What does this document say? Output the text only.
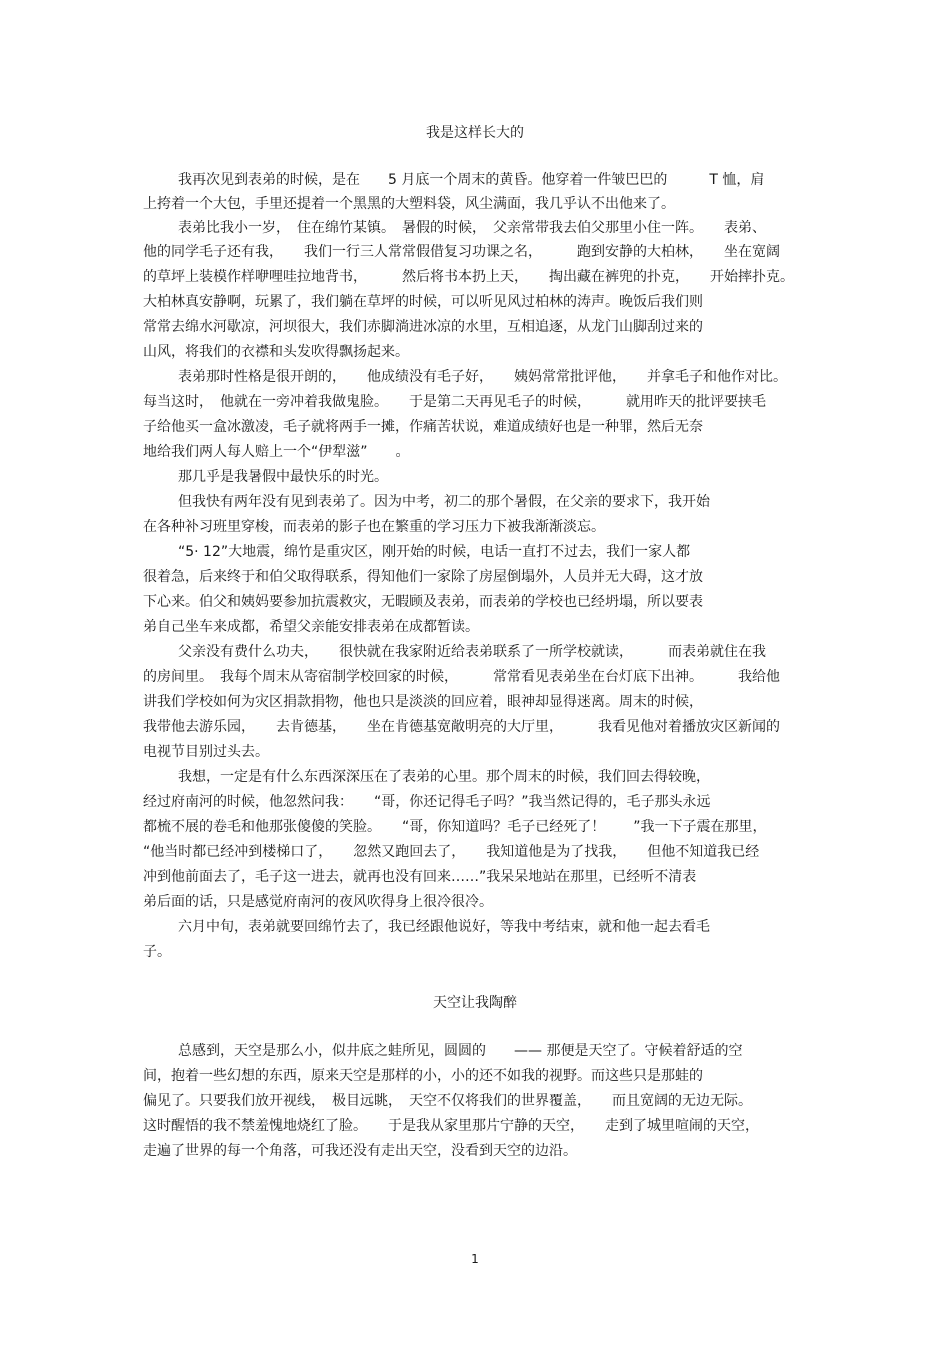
我是这样长大的
我再次见到表弟的时候，是在　　5 月底一个周末的黄昏。他穿着一件皱巴巴的　　　T 恤，肩
上挎着一个大包，手里还提着一个黑黑的大塑料袋，风尘满面，我几乎认不出他来了。
表弟比我小一岁，　住在绵竹某镇。　暑假的时候，　父亲常带我去伯父那里小住一阵。　　表弟、
他的同学毛子还有我，　　我们一行三人常常假借复习功课之名，　　　跑到安静的大柏林，　　坐在宽阔
的草坪上装模作样咿哩哇拉地背书，　　　然后将书本扔上天，　　掏出藏在裤兜的扑克，　　开始摔扑克。
大柏林真安静啊，玩累了，我们躺在草坪的时候，可以听见风过柏林的涛声。晚饭后我们则
常常去绵水河歇凉，河坝很大，我们赤脚淌进冰凉的水里，互相追逐，从龙门山脚刮过来的
山风，将我们的衣襟和头发吹得飘扬起来。
表弟那时性格是很开朗的，　　他成绩没有毛子好，　　姨妈常常批评他，　　并拿毛子和他作对比。
每当这时，　他就在一旁冲着我做鬼脸。　　于是第二天再见毛子的时候，　　　就用昨天的批评要挟毛
子给他买一盒冰激凌，毛子就将两手一摊，作痛苦状说，难道成绩好也是一种罪，然后无奈
地给我们两人每人赔上一个“伊犁滋”　　。
那几乎是我暑假中最快乐的时光。
但我快有两年没有见到表弟了。因为中考，初二的那个暑假，在父亲的要求下，我开始
在各种补习班里穿梭，而表弟的影子也在繁重的学习压力下被我渐渐淡忘。
“5· 12”大地震，绵竹是重灾区，刚开始的时候，电话一直打不过去，我们一家人都
很着急，后来终于和伯父取得联系，得知他们一家除了房屋倒塌外，人员并无大碍，这才放
下心来。伯父和姨妈要参加抗震救灾，无暇顾及表弟，而表弟的学校也已经坍塌，所以要表
弟自己坐车来成都，希望父亲能安排表弟在成都暂读。
父亲没有费什么功夫，　　很快就在我家附近给表弟联系了一所学校就读，　　　而表弟就住在我
的房间里。　我每个周末从寄宿制学校回家的时候，　　　常常看见表弟坐在台灯底下出神。　　　我给他
讲我们学校如何为灾区捐款捐物，他也只是淡淡的回应着，眼神却显得迷离。周末的时候，
我带他去游乐园，　　去肯德基，　　坐在肯德基宽敞明亮的大厅里，　　　我看见他对着播放灾区新闻的
电视节目别过头去。
我想，一定是有什么东西深深压在了表弟的心里。那个周末的时候，我们回去得较晚，
经过府南河的时候，他忽然问我：　　“哥，你还记得毛子吗？”我当然记得的，毛子那头永远
都梳不展的卷毛和他那张傻傻的笑脸。　　“哥，你知道吗？毛子已经死了！　　”我一下子震在那里，
“他当时都已经冲到楼梯口了，　　忽然又跑回去了，　　我知道他是为了找我，　　但他不知道我已经
冲到他前面去了，毛子这一进去，就再也没有回来……”我呆呆地站在那里，已经听不清表
弟后面的话，只是感觉府南河的夜风吹得身上很冷很冷。
六月中旬，表弟就要回绵竹去了，我已经跟他说好，等我中考结束，就和他一起去看毛
子。
天空让我陶醉
总感到，天空是那么小，似井底之蛙所见，圆圆的　　—— 那便是天空了。守候着舒适的空
间，抱着一些幻想的东西，原来天空是那样的小，小的还不如我的视野。而这些只是那蛙的
偏见了。只要我们放开视线，　极目远眺，　天空不仅将我们的世界覆盖，　　而且宽阔的无边无际。
这时醒悟的我不禁羞愧地烧红了脸。　　于是我从家里那片宁静的天空，　　走到了城里喧闹的天空，
走遍了世界的每一个角落，可我还没有走出天空，没看到天空的边沿。
1
